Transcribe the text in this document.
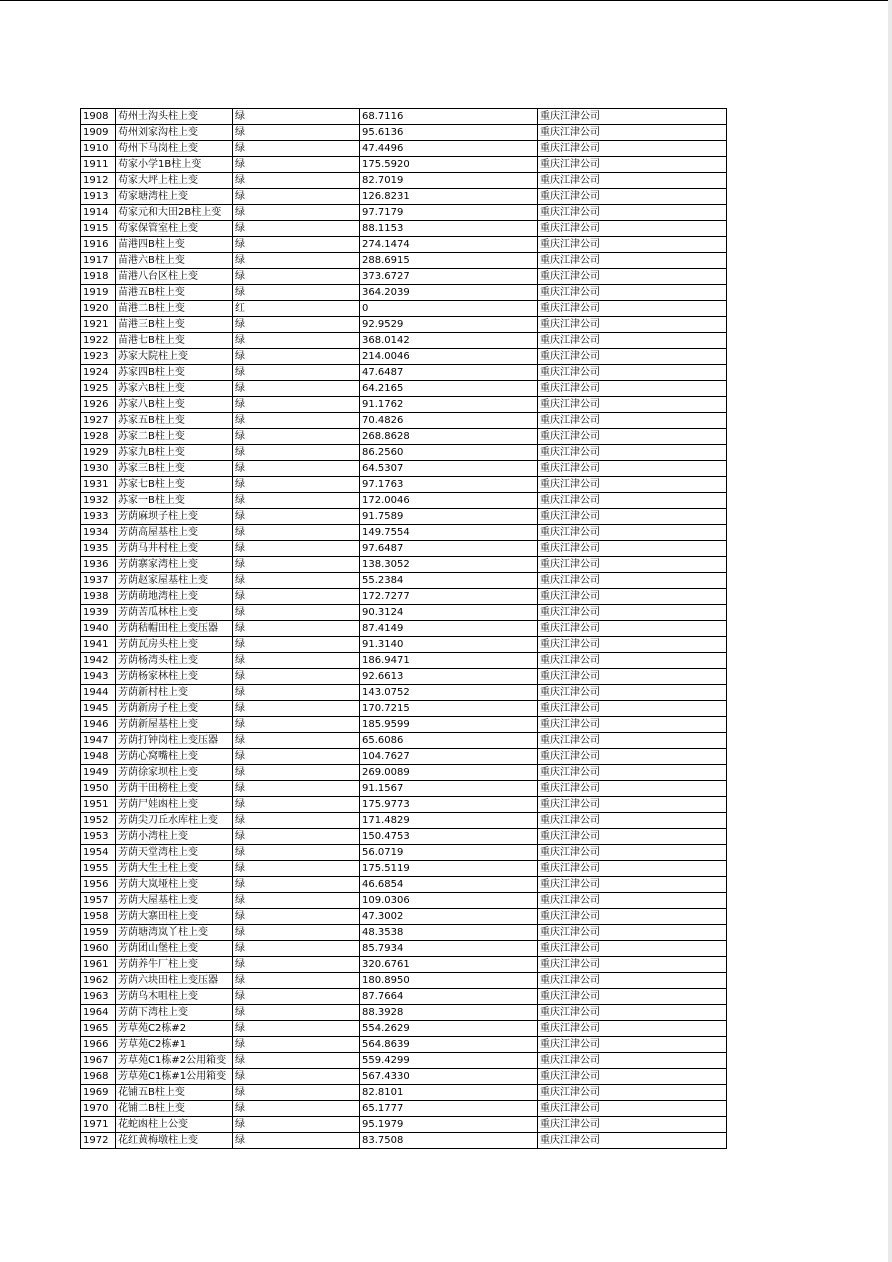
1908	苟州土沟头柱上变	绿	68.7116	重庆江津公司
1909	苟州刘家沟柱上变	绿	95.6136	重庆江津公司
1910	苟州下马岗柱上变	绿	47.4496	重庆江津公司
1911	苟家小学1B柱上变	绿	175.5920	重庆江津公司
1912	苟家大坪上柱上变	绿	82.7019	重庆江津公司
1913	苟家塘湾柱上变	绿	126.8231	重庆江津公司
1914	苟家元和大田2B柱上变	绿	97.7179	重庆江津公司
1915	苟家保管室柱上变	绿	88.1153	重庆江津公司
1916	苗港四B柱上变	绿	274.1474	重庆江津公司
1917	苗港六B柱上变	绿	288.6915	重庆江津公司
1918	苗港八台区柱上变	绿	373.6727	重庆江津公司
1919	苗港五B柱上变	绿	364.2039	重庆江津公司
1920	苗港二B柱上变	红	0	重庆江津公司
1921	苗港三B柱上变	绿	92.9529	重庆江津公司
1922	苗港七B柱上变	绿	368.0142	重庆江津公司
1923	苏家大院柱上变	绿	214.0046	重庆江津公司
1924	苏家四B柱上变	绿	47.6487	重庆江津公司
1925	苏家六B柱上变	绿	64.2165	重庆江津公司
1926	苏家八B柱上变	绿	91.1762	重庆江津公司
1927	苏家五B柱上变	绿	70.4826	重庆江津公司
1928	苏家二B柱上变	绿	268.8628	重庆江津公司
1929	苏家九B柱上变	绿	86.2560	重庆江津公司
1930	苏家三B柱上变	绿	64.5307	重庆江津公司
1931	苏家七B柱上变	绿	97.1763	重庆江津公司
1932	苏家一B柱上变	绿	172.0046	重庆江津公司
1933	芳荫麻坝子柱上变	绿	91.7589	重庆江津公司
1934	芳荫高屋基柱上变	绿	149.7554	重庆江津公司
1935	芳荫马井村柱上变	绿	97.6487	重庆江津公司
1936	芳荫寨家湾柱上变	绿	138.3052	重庆江津公司
1937	芳荫赵家屋基柱上变	绿	55.2384	重庆江津公司
1938	芳荫萌地湾柱上变	绿	172.7277	重庆江津公司
1939	芳荫苦瓜林柱上变	绿	90.3124	重庆江津公司
1940	芳荫秸帽田柱上变压器	绿	87.4149	重庆江津公司
1941	芳荫瓦房头柱上变	绿	91.3140	重庆江津公司
1942	芳荫杨湾头柱上变	绿	186.9471	重庆江津公司
1943	芳荫杨家林柱上变	绿	92.6613	重庆江津公司
1944	芳荫新村柱上变	绿	143.0752	重庆江津公司
1945	芳荫新房子柱上变	绿	170.7215	重庆江津公司
1946	芳荫新屋基柱上变	绿	185.9599	重庆江津公司
1947	芳荫打钟岗柱上变压器	绿	65.6086	重庆江津公司
1948	芳荫心窝嘴柱上变	绿	104.7627	重庆江津公司
1949	芳荫徐家坝柱上变	绿	269.0089	重庆江津公司
1950	芳荫干田榜柱上变	绿	91.1567	重庆江津公司
1951	芳荫尸娃凼柱上变	绿	175.9773	重庆江津公司
1952	芳荫尖刀丘水库柱上变	绿	171.4829	重庆江津公司
1953	芳荫小湾柱上变	绿	150.4753	重庆江津公司
1954	芳荫天堂湾柱上变	绿	56.0719	重庆江津公司
1955	芳荫大生土柱上变	绿	175.5119	重庆江津公司
1956	芳荫大岚垭柱上变	绿	46.6854	重庆江津公司
1957	芳荫大屋基柱上变	绿	109.0306	重庆江津公司
1958	芳荫大寨田柱上变	绿	47.3002	重庆江津公司
1959	芳荫塘湾岚丫柱上变	绿	48.3538	重庆江津公司
1960	芳荫团山堡柱上变	绿	85.7934	重庆江津公司
1961	芳荫养牛厂柱上变	绿	320.6761	重庆江津公司
1962	芳荫六块田柱上变压器	绿	180.8950	重庆江津公司
1963	芳荫乌木咀柱上变	绿	87.7664	重庆江津公司
1964	芳荫下湾柱上变	绿	88.3928	重庆江津公司
1965	芳草苑C2栋#2	绿	554.2629	重庆江津公司
1966	芳草苑C2栋#1	绿	564.8639	重庆江津公司
1967	芳草苑C1栋#2公用箱变	绿	559.4299	重庆江津公司
1968	芳草苑C1栋#1公用箱变	绿	567.4330	重庆江津公司
1969	花铺五B柱上变	绿	82.8101	重庆江津公司
1970	花铺二B柱上变	绿	65.1777	重庆江津公司
1971	花蛇凼柱上公变	绿	95.1979	重庆江津公司
1972	花红黄梅墩柱上变	绿	83.7508	重庆江津公司
